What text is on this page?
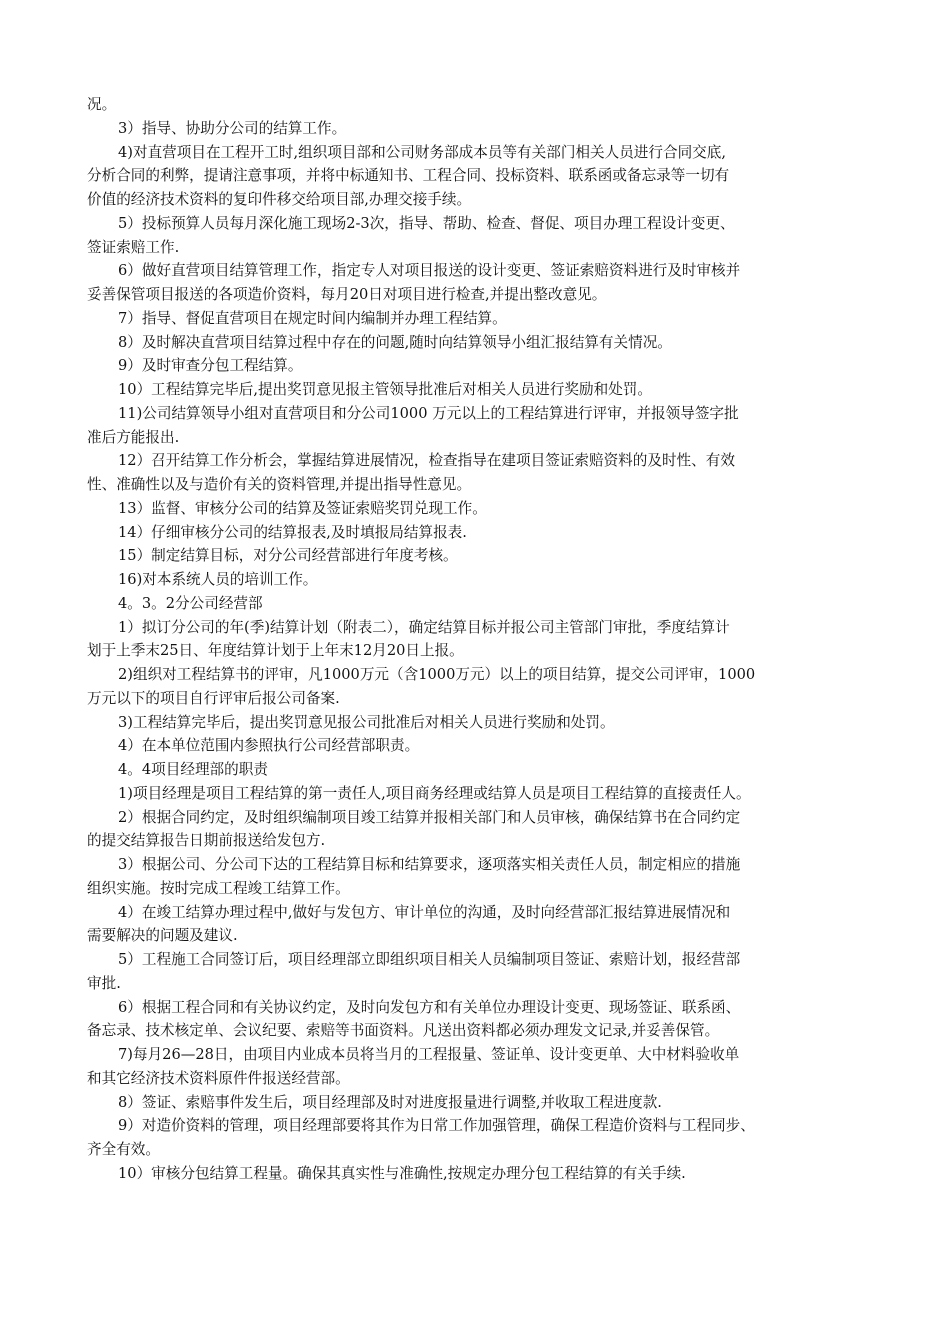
况。
3）指导、协助分公司的结算工作。
4)对直营项目在工程开工时,组织项目部和公司财务部成本员等有关部门相关人员进行合同交底,
分析合同的利弊，提请注意事项，并将中标通知书、工程合同、投标资料、联系函或备忘录等一切有
价值的经济技术资料的复印件移交给项目部,办理交接手续。
5）投标预算人员每月深化施工现场2-3次，指导、帮助、检查、督促、项目办理工程设计变更、
签证索赔工作.
6）做好直营项目结算管理工作，指定专人对项目报送的设计变更、签证索赔资料进行及时审核并
妥善保管项目报送的各项造价资料，每月20日对项目进行检查,并提出整改意见。
7）指导、督促直营项目在规定时间内编制并办理工程结算。
8）及时解决直营项目结算过程中存在的问题,随时向结算领导小组汇报结算有关情况。
9）及时审查分包工程结算。
10）工程结算完毕后,提出奖罚意见报主管领导批准后对相关人员进行奖励和处罚。
11)公司结算领导小组对直营项目和分公司1000 万元以上的工程结算进行评审，并报领导签字批
准后方能报出.
12）召开结算工作分析会，掌握结算进展情况，检查指导在建项目签证索赔资料的及时性、有效
性、准确性以及与造价有关的资料管理,并提出指导性意见。
13）监督、审核分公司的结算及签证索赔奖罚兑现工作。
14）仔细审核分公司的结算报表,及时填报局结算报表.
15）制定结算目标，对分公司经营部进行年度考核。
16)对本系统人员的培训工作。
4。3。2分公司经营部
1）拟订分公司的年(季)结算计划（附表二），确定结算目标并报公司主管部门审批，季度结算计
划于上季末25日、年度结算计划于上年末12月20日上报。
2)组织对工程结算书的评审，凡1000万元（含1000万元）以上的项目结算，提交公司评审，1000
万元以下的项目自行评审后报公司备案.
3)工程结算完毕后，提出奖罚意见报公司批准后对相关人员进行奖励和处罚。
4）在本单位范围内参照执行公司经营部职责。
4。4项目经理部的职责
1)项目经理是项目工程结算的第一责任人,项目商务经理或结算人员是项目工程结算的直接责任人。
2）根据合同约定，及时组织编制项目竣工结算并报相关部门和人员审核，确保结算书在合同约定
的提交结算报告日期前报送给发包方.
3）根据公司、分公司下达的工程结算目标和结算要求，逐项落实相关责任人员，制定相应的措施
组织实施。按时完成工程竣工结算工作。
4）在竣工结算办理过程中,做好与发包方、审计单位的沟通，及时向经营部汇报结算进展情况和
需要解决的问题及建议.
5）工程施工合同签订后，项目经理部立即组织项目相关人员编制项目签证、索赔计划，报经营部
审批.
6）根据工程合同和有关协议约定，及时向发包方和有关单位办理设计变更、现场签证、联系函、
备忘录、技术核定单、会议纪要、索赔等书面资料。凡送出资料都必须办理发文记录,并妥善保管。
7)每月26—28日，由项目内业成本员将当月的工程报量、签证单、设计变更单、大中材料验收单
和其它经济技术资料原件件报送经营部。
8）签证、索赔事件发生后，项目经理部及时对进度报量进行调整,并收取工程进度款.
9）对造价资料的管理，项目经理部要将其作为日常工作加强管理，确保工程造价资料与工程同步、
齐全有效。
10）审核分包结算工程量。确保其真实性与准确性,按规定办理分包工程结算的有关手续.
